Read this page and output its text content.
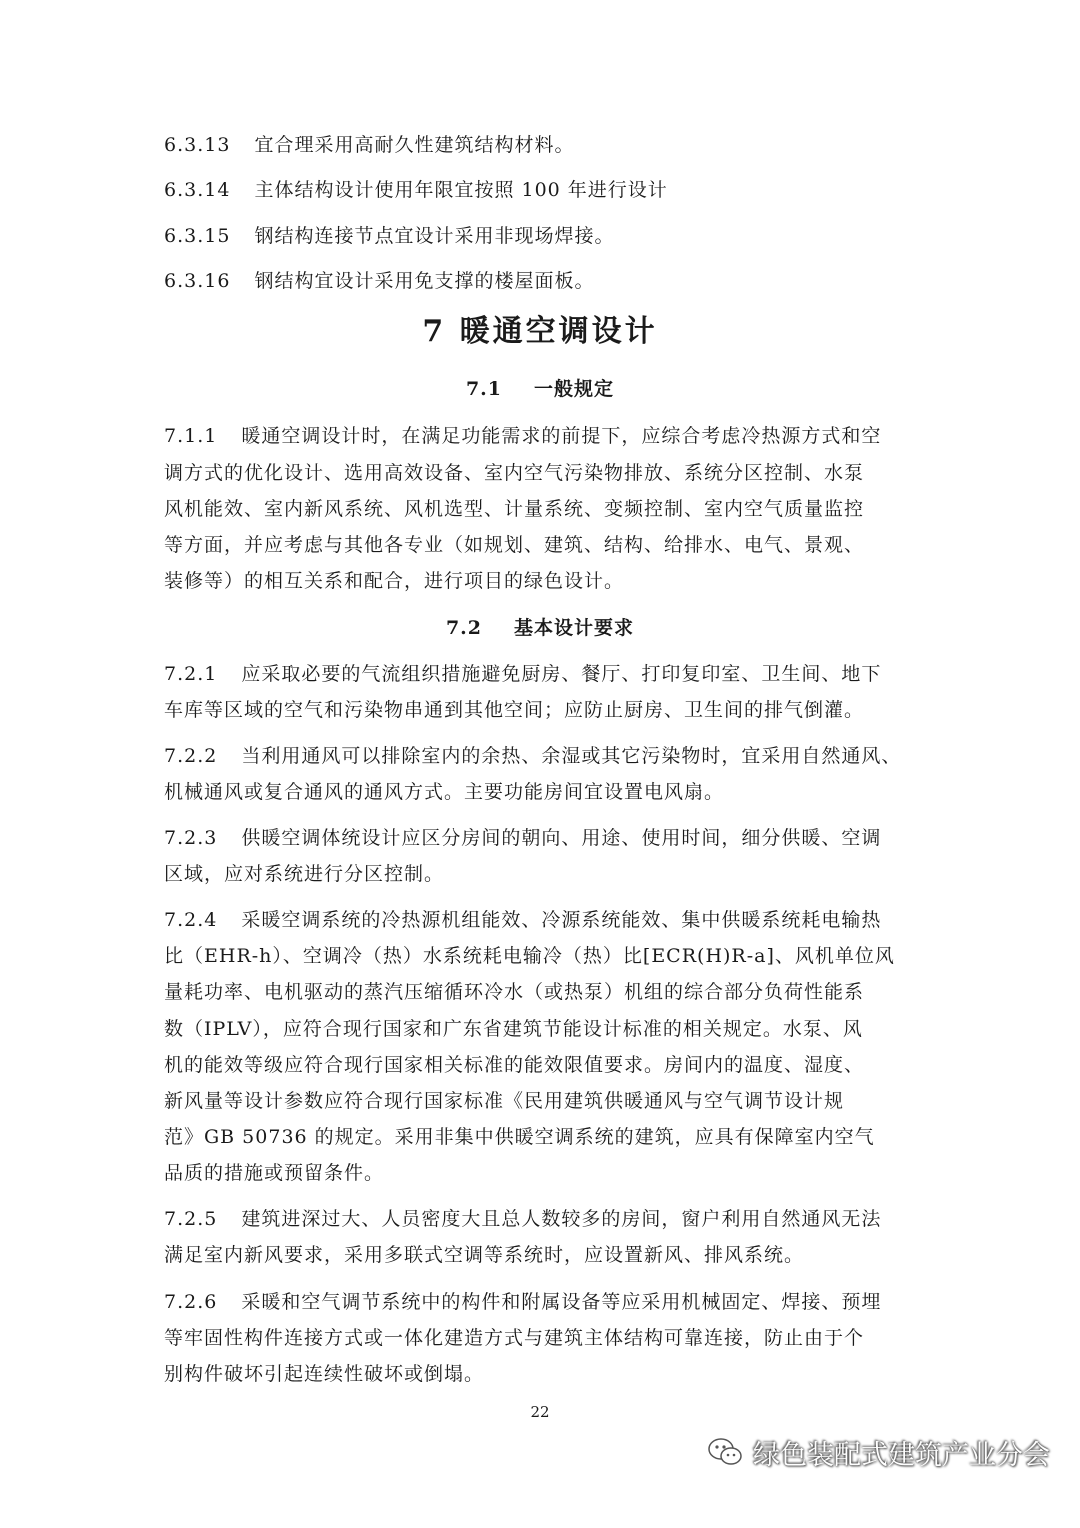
6.3.13 宜合理采用高耐久性建筑结构材料。
6.3.14 主体结构设计使用年限宜按照 100 年进行设计
6.3.15 钢结构连接节点宜设计采用非现场焊接。
6.3.16 钢结构宜设计采用免支撑的楼屋面板。
7 暖通空调设计
7.1 一般规定
7.1.1 暖通空调设计时，在满足功能需求的前提下，应综合考虑冷热源方式和空
调方式的优化设计、选用高效设备、室内空气污染物排放、系统分区控制、水泵
风机能效、室内新风系统、风机选型、计量系统、变频控制、室内空气质量监控
等方面，并应考虑与其他各专业（如规划、建筑、结构、给排水、电气、景观、
装修等）的相互关系和配合，进行项目的绿色设计。
7.2 基本设计要求
7.2.1 应采取必要的气流组织措施避免厨房、餐厅、打印复印室、卫生间、地下
车库等区域的空气和污染物串通到其他空间；应防止厨房、卫生间的排气倒灌。
7.2.2 当利用通风可以排除室内的余热、余湿或其它污染物时，宜采用自然通风、
机械通风或复合通风的通风方式。主要功能房间宜设置电风扇。
7.2.3 供暖空调体统设计应区分房间的朝向、用途、使用时间，细分供暖、空调
区域，应对系统进行分区控制。
7.2.4 采暖空调系统的冷热源机组能效、冷源系统能效、集中供暖系统耗电输热
比（EHR-h）、空调冷（热）水系统耗电输冷（热）比[ECR(H)R-a]、风机单位风
量耗功率、电机驱动的蒸汽压缩循环冷水（或热泵）机组的综合部分负荷性能系
数（IPLV），应符合现行国家和广东省建筑节能设计标准的相关规定。水泵、风
机的能效等级应符合现行国家相关标准的能效限值要求。房间内的温度、湿度、
新风量等设计参数应符合现行国家标准《民用建筑供暖通风与空气调节设计规
范》GB 50736 的规定。采用非集中供暖空调系统的建筑，应具有保障室内空气
品质的措施或预留条件。
7.2.5 建筑进深过大、人员密度大且总人数较多的房间，窗户利用自然通风无法
满足室内新风要求，采用多联式空调等系统时，应设置新风、排风系统。
7.2.6 采暖和空气调节系统中的构件和附属设备等应采用机械固定、焊接、预埋
等牢固性构件连接方式或一体化建造方式与建筑主体结构可靠连接，防止由于个
别构件破坏引起连续性破坏或倒塌。
22
绿色装配式建筑产业分会
